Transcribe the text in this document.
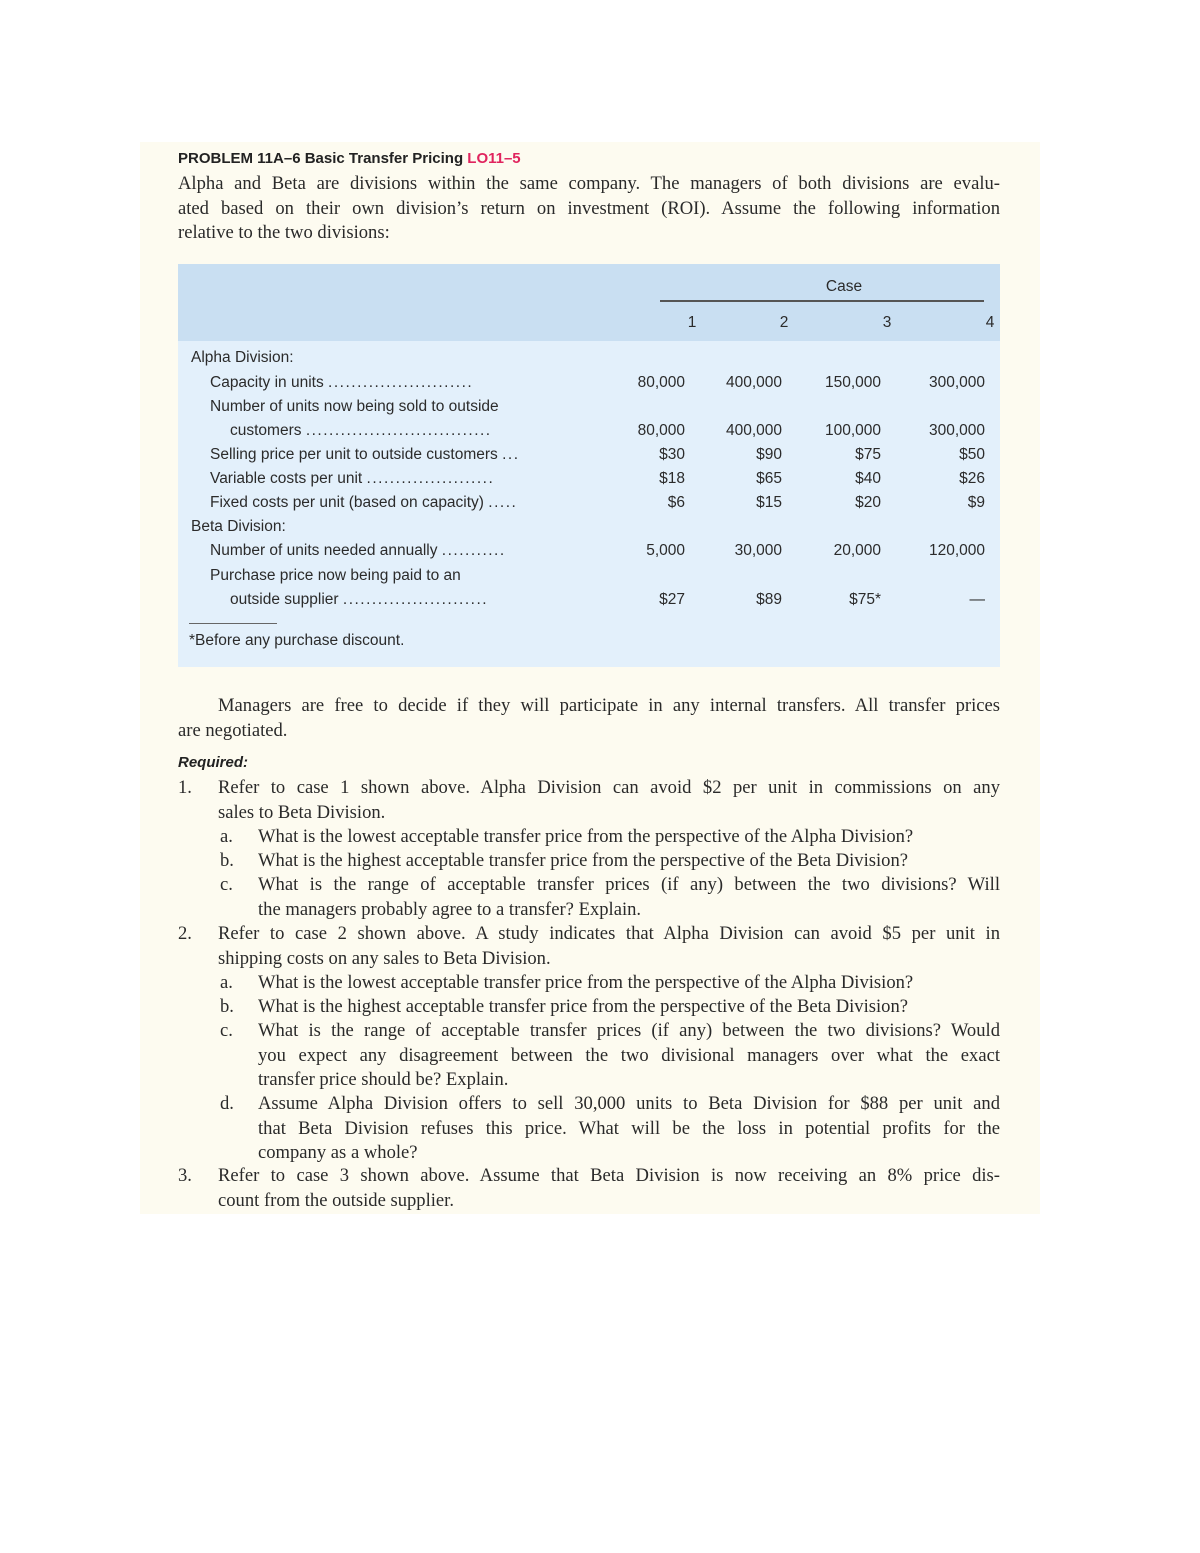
PROBLEM 11A–6 Basic Transfer Pricing LO11–5
Alpha and Beta are divisions within the same company. The managers of both divisions are evalu-
ated based on their own division’s return on investment (ROI). Assume the following information
relative to the two divisions:
Case
1	2	3	4
Alpha Division:
Capacity in units .........................	80,000	400,000	150,000	300,000
Number of units now being sold to outside
customers ................................	80,000	400,000	100,000	300,000
Selling price per unit to outside customers ...	$30	$90	$75	$50
Variable costs per unit ......................	$18	$65	$40	$26
Fixed costs per unit (based on capacity) .....	$6	$15	$20	$9
Beta Division:
Number of units needed annually ...........	5,000	30,000	20,000	120,000
Purchase price now being paid to an
outside supplier .........................	$27	$89	$75*	—
*Before any purchase discount.
Managers are free to decide if they will participate in any internal transfers. All transfer prices
are negotiated.
Required:
1. Refer to case 1 shown above. Alpha Division can avoid $2 per unit in commissions on any
sales to Beta Division.
a. What is the lowest acceptable transfer price from the perspective of the Alpha Division?
b. What is the highest acceptable transfer price from the perspective of the Beta Division?
c. What is the range of acceptable transfer prices (if any) between the two divisions? Will
the managers probably agree to a transfer? Explain.
2. Refer to case 2 shown above. A study indicates that Alpha Division can avoid $5 per unit in
shipping costs on any sales to Beta Division.
a. What is the lowest acceptable transfer price from the perspective of the Alpha Division?
b. What is the highest acceptable transfer price from the perspective of the Beta Division?
c. What is the range of acceptable transfer prices (if any) between the two divisions? Would
you expect any disagreement between the two divisional managers over what the exact
transfer price should be? Explain.
d. Assume Alpha Division offers to sell 30,000 units to Beta Division for $88 per unit and
that Beta Division refuses this price. What will be the loss in potential profits for the
company as a whole?
3. Refer to case 3 shown above. Assume that Beta Division is now receiving an 8% price dis-
count from the outside supplier.
